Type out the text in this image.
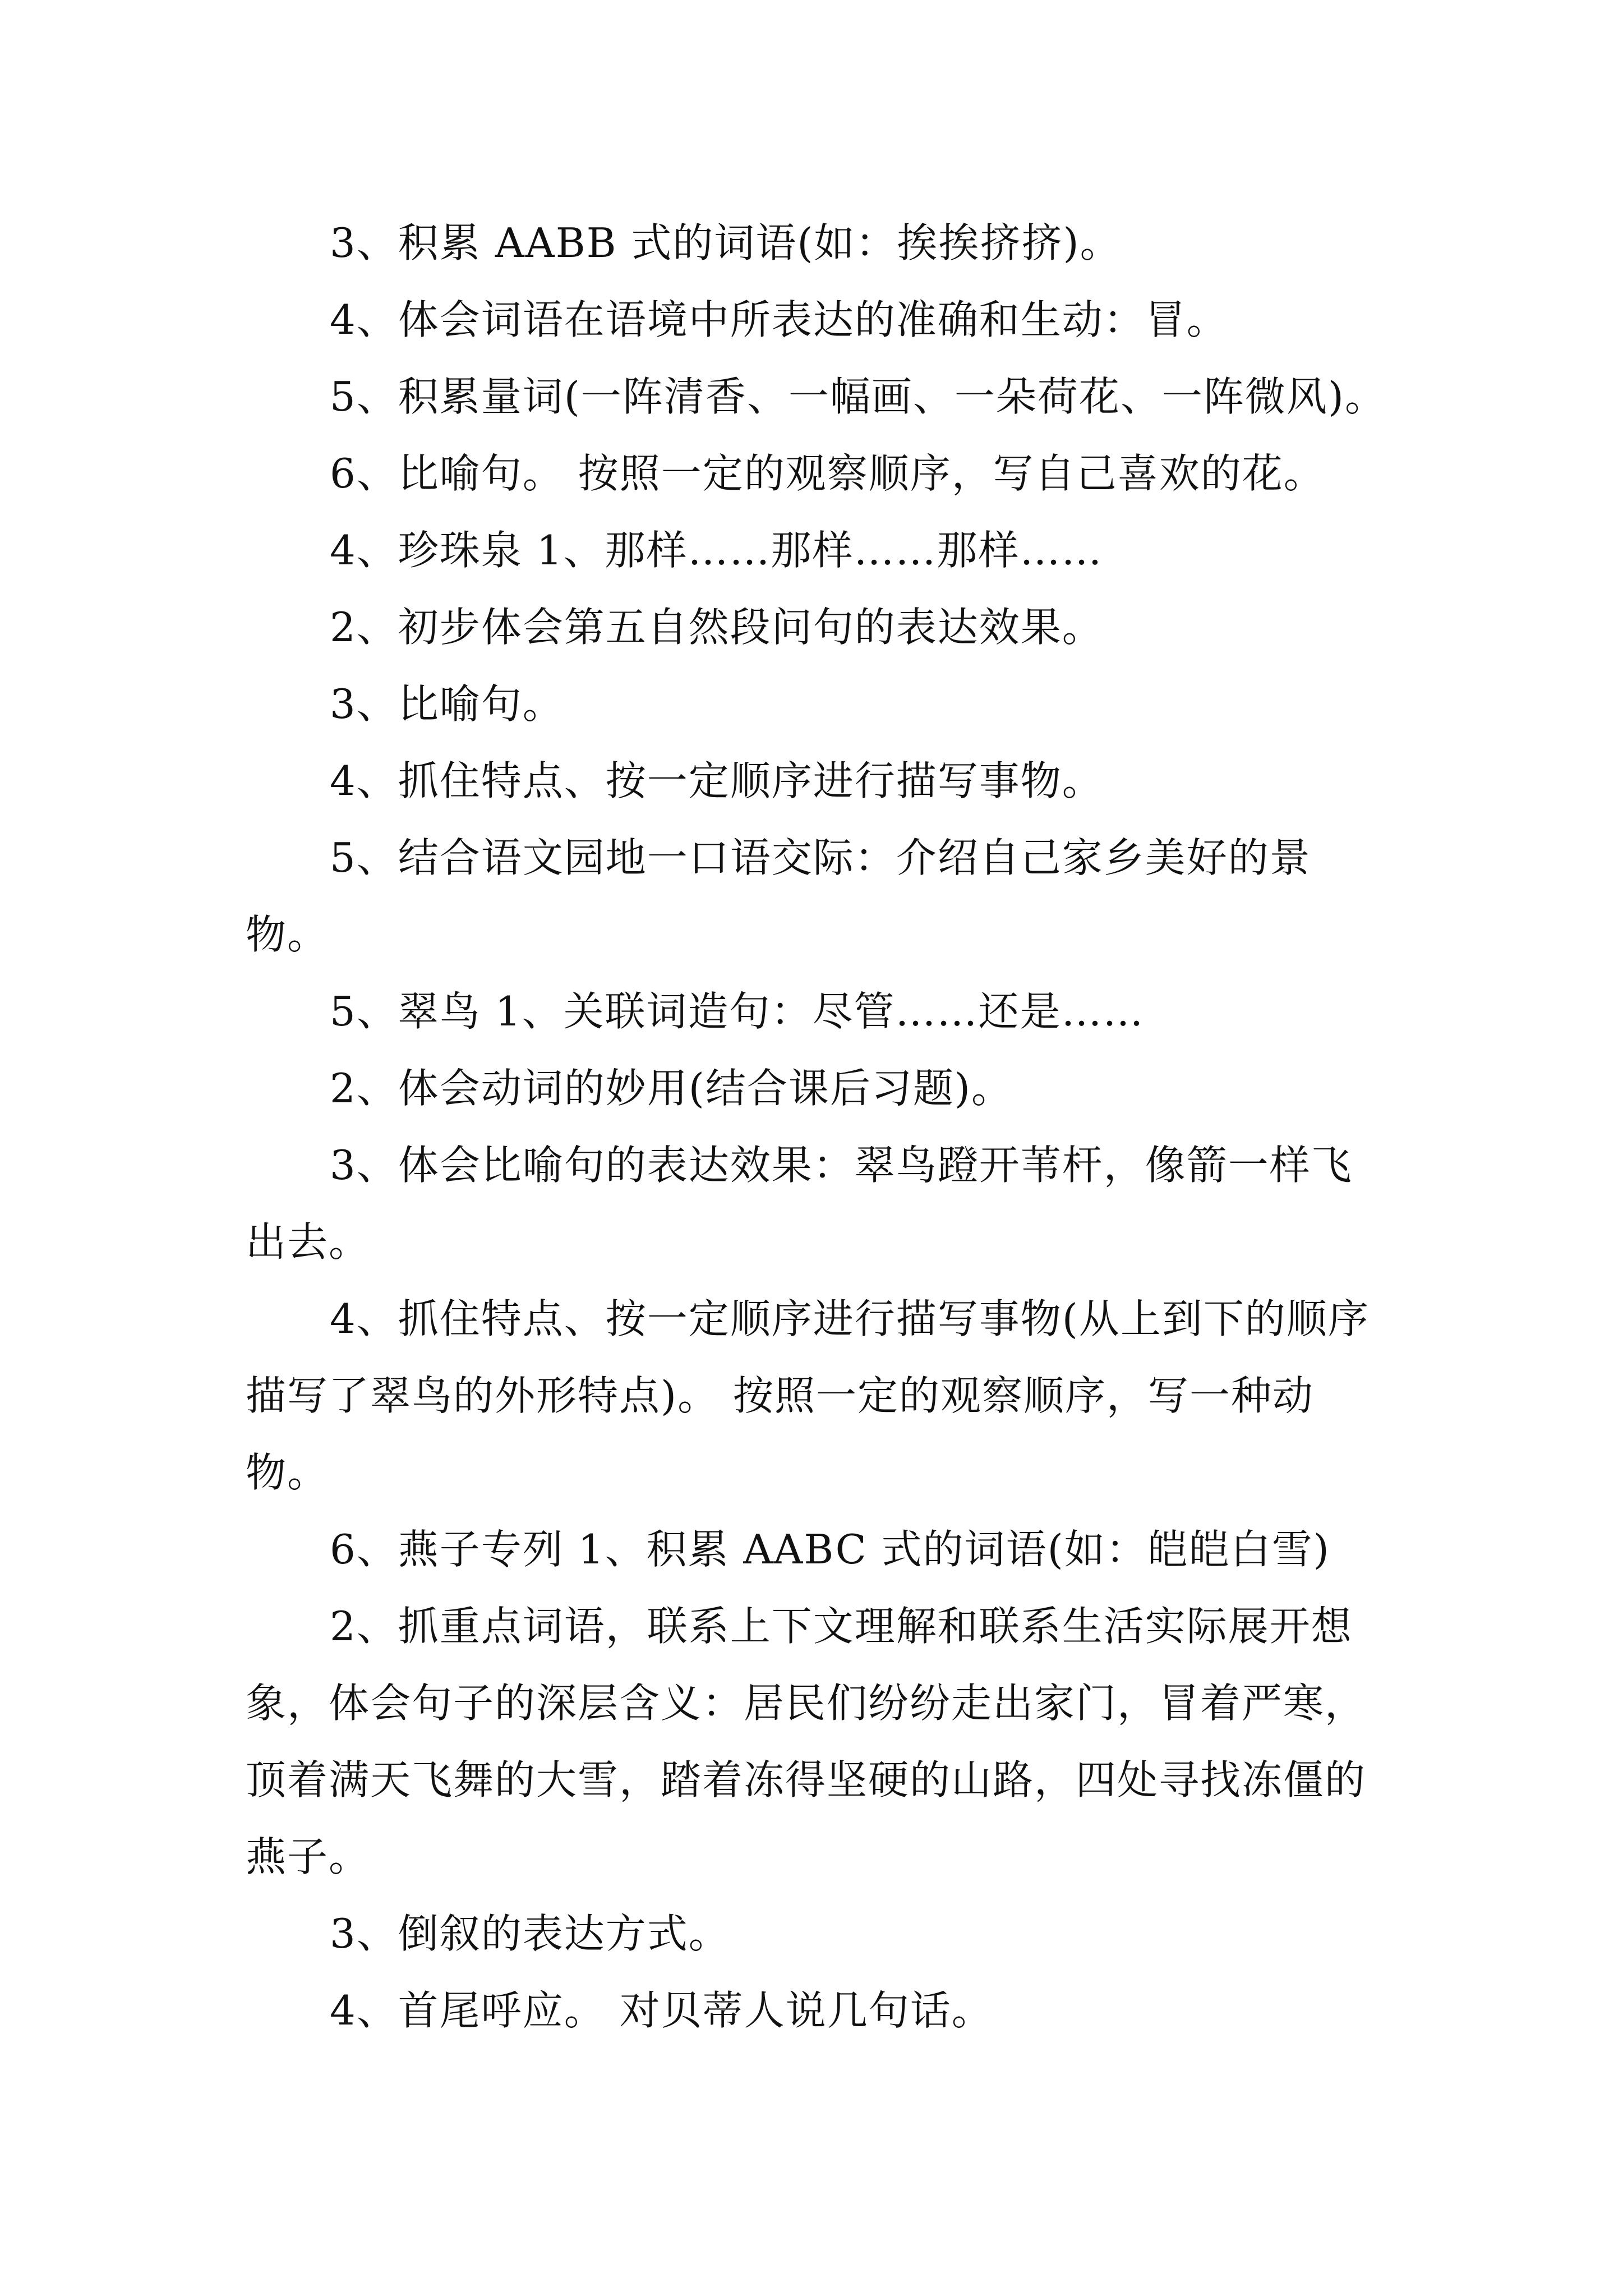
3、积累 AABB 式的词语(如：挨挨挤挤)。

4、体会词语在语境中所表达的准确和生动：冒。

5、积累量词(一阵清香、一幅画、一朵荷花、一阵微风)。

6、比喻句。 按照一定的观察顺序，写自己喜欢的花。

4、珍珠泉 1、那样……那样……那样……

2、初步体会第五自然段问句的表达效果。

3、比喻句。

4、抓住特点、按一定顺序进行描写事物。

5、结合语文园地一口语交际：介绍自己家乡美好的景物。

5、翠鸟 1、关联词造句：尽管……还是……

2、体会动词的妙用(结合课后习题)。

3、体会比喻句的表达效果：翠鸟蹬开苇杆，像箭一样飞出去。

4、抓住特点、按一定顺序进行描写事物(从上到下的顺序描写了翠鸟的外形特点)。 按照一定的观察顺序，写一种动物。

6、燕子专列 1、积累 AABC 式的词语(如：皑皑白雪)

2、抓重点词语，联系上下文理解和联系生活实际展开想象，体会句子的深层含义：居民们纷纷走出家门，冒着严寒，顶着满天飞舞的大雪，踏着冻得坚硬的山路，四处寻找冻僵的燕子。

3、倒叙的表达方式。

4、首尾呼应。 对贝蒂人说几句话。
